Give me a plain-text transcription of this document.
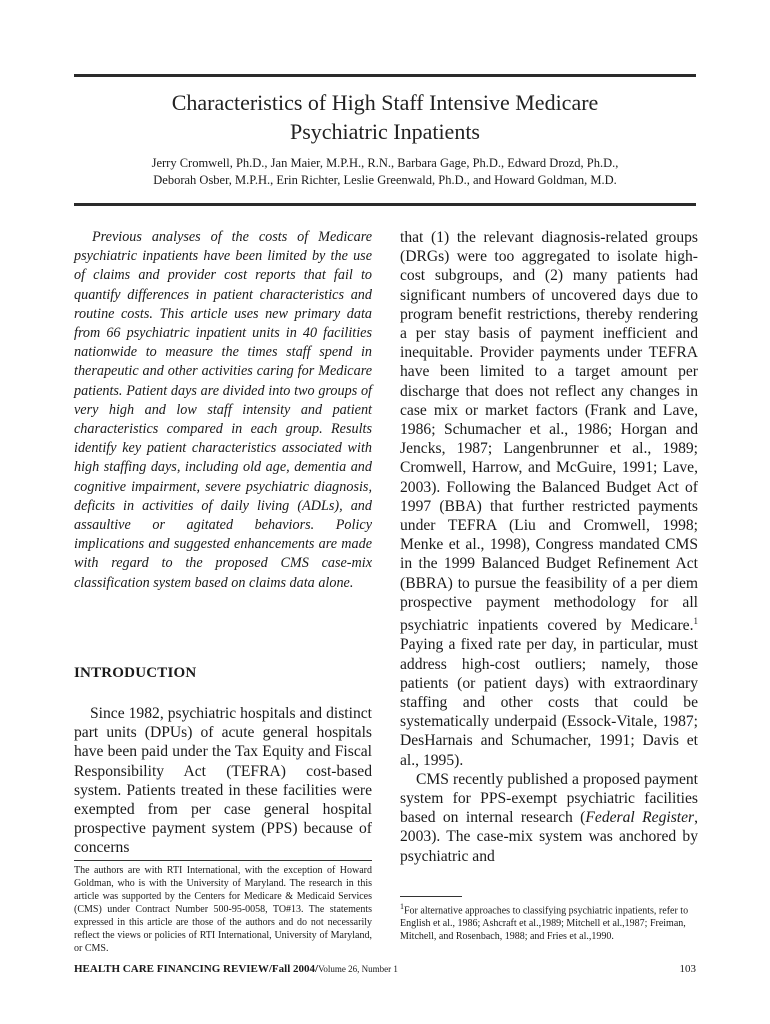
Characteristics of High Staff Intensive Medicare
Psychiatric Inpatients
Jerry Cromwell, Ph.D., Jan Maier, M.P.H., R.N., Barbara Gage, Ph.D., Edward Drozd, Ph.D.,
Deborah Osber, M.P.H., Erin Richter, Leslie Greenwald, Ph.D., and Howard Goldman, M.D.

Previous analyses of the costs of Medicare psychiatric inpatients have been limited by the use of claims and provider cost reports that fail to quantify differences in patient characteristics and routine costs. This article uses new primary data from 66 psychiatric inpatient units in 40 facilities nationwide to measure the times staff spend in therapeutic and other activities caring for Medicare patients. Patient days are divided into two groups of very high and low staff intensity and patient characteristics compared in each group. Results identify key patient characteristics associated with high staffing days, including old age, dementia and cognitive impairment, severe psychiatric diagnosis, deficits in activities of daily living (ADLs), and assaultive or agitated behaviors. Policy implications and suggested enhancements are made with regard to the proposed CMS case-mix classification system based on claims data alone.

INTRODUCTION

Since 1982, psychiatric hospitals and distinct part units (DPUs) of acute general hospitals have been paid under the Tax Equity and Fiscal Responsibility Act (TEFRA) cost-based system. Patients treated in these facilities were exempted from per case general hospital prospective payment system (PPS) because of concerns

The authors are with RTI International, with the exception of Howard Goldman, who is with the University of Maryland. The research in this article was supported by the Centers for Medicare & Medicaid Services (CMS) under Contract Number 500-95-0058, TO#13. The statements expressed in this article are those of the authors and do not necessarily reflect the views or policies of RTI International, University of Maryland, or CMS.

that (1) the relevant diagnosis-related groups (DRGs) were too aggregated to isolate high-cost subgroups, and (2) many patients had significant numbers of uncovered days due to program benefit restrictions, thereby rendering a per stay basis of payment inefficient and inequitable. Provider payments under TEFRA have been limited to a target amount per discharge that does not reflect any changes in case mix or market factors (Frank and Lave, 1986; Schumacher et al., 1986; Horgan and Jencks, 1987; Langenbrunner et al., 1989; Cromwell, Harrow, and McGuire, 1991; Lave, 2003). Following the Balanced Budget Act of 1997 (BBA) that further restricted payments under TEFRA (Liu and Cromwell, 1998; Menke et al., 1998), Congress mandated CMS in the 1999 Balanced Budget Refinement Act (BBRA) to pursue the feasibility of a per diem prospective payment methodology for all psychiatric inpatients covered by Medicare.$^1$ Paying a fixed rate per day, in particular, must address high-cost outliers; namely, those patients (or patient days) with extraordinary staffing and other costs that could be systematically underpaid (Essock-Vitale, 1987; DesHarnais and Schumacher, 1991; Davis et al., 1995).

CMS recently published a proposed payment system for PPS-exempt psychiatric facilities based on internal research (Federal Register, 2003). The case-mix system was anchored by psychiatric and

$^1$For alternative approaches to classifying psychiatric inpatients, refer to English et al., 1986; Ashcraft et al.,1989; Mitchell et al.,1987; Freiman, Mitchell, and Rosenbach, 1988; and Fries et al.,1990.

HEALTH CARE FINANCING REVIEW/Fall 2004/Volume 26, Number 1	103
